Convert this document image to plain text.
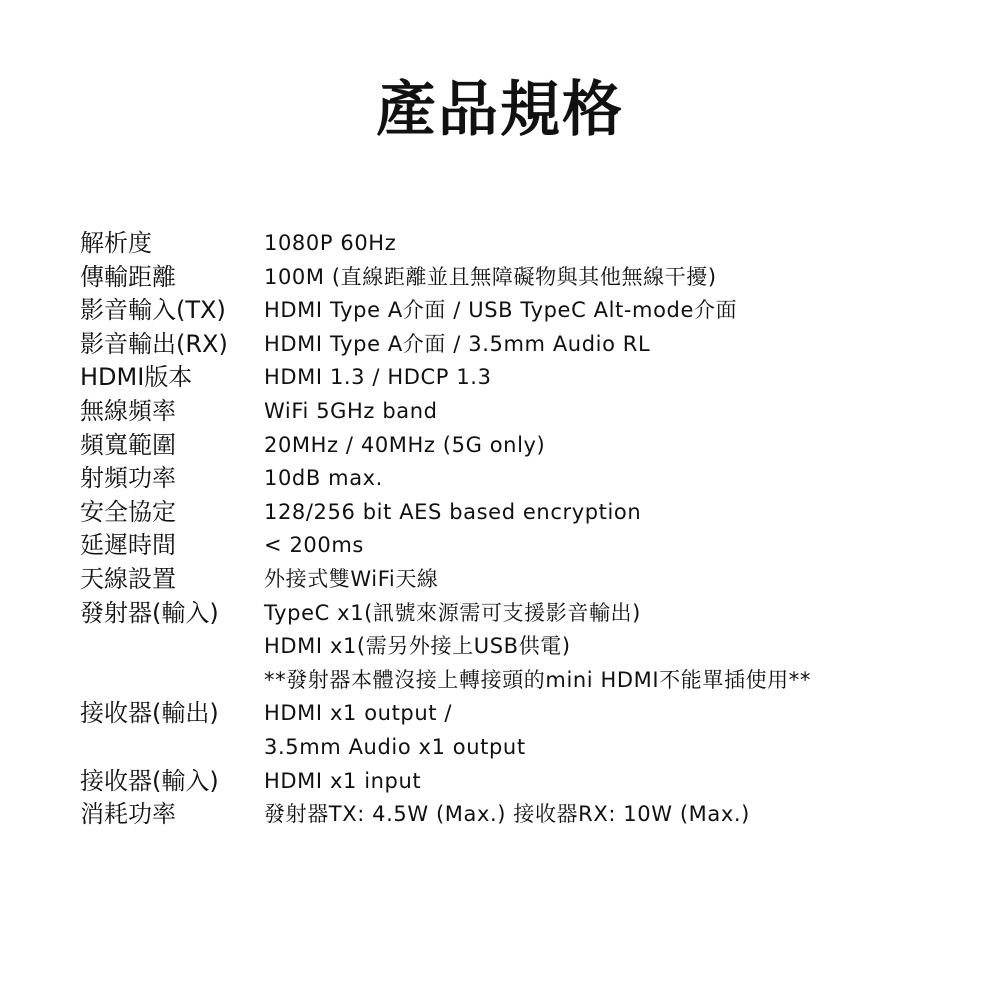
產品規格
解析度	1080P 60Hz
傳輸距離	100M (直線距離並且無障礙物與其他無線干擾)
影音輸入(TX)	HDMI Type A介面 / USB TypeC Alt-mode介面
影音輸出(RX)	HDMI Type A介面 / 3.5mm Audio RL
HDMI版本	HDMI 1.3 / HDCP 1.3
無線頻率	WiFi 5GHz band
頻寬範圍	20MHz / 40MHz (5G only)
射頻功率	10dB max.
安全協定	128/256 bit AES based encryption
延遲時間	< 200ms
天線設置	外接式雙WiFi天線
發射器(輸入)	TypeC x1(訊號來源需可支援影音輸出)
HDMI x1(需另外接上USB供電)
**發射器本體沒接上轉接頭的mini HDMI不能單插使用**
接收器(輸出)	HDMI x1 output /
3.5mm Audio x1 output
接收器(輸入)	HDMI x1 input
消耗功率	發射器TX: 4.5W (Max.) 接收器RX: 10W (Max.)
